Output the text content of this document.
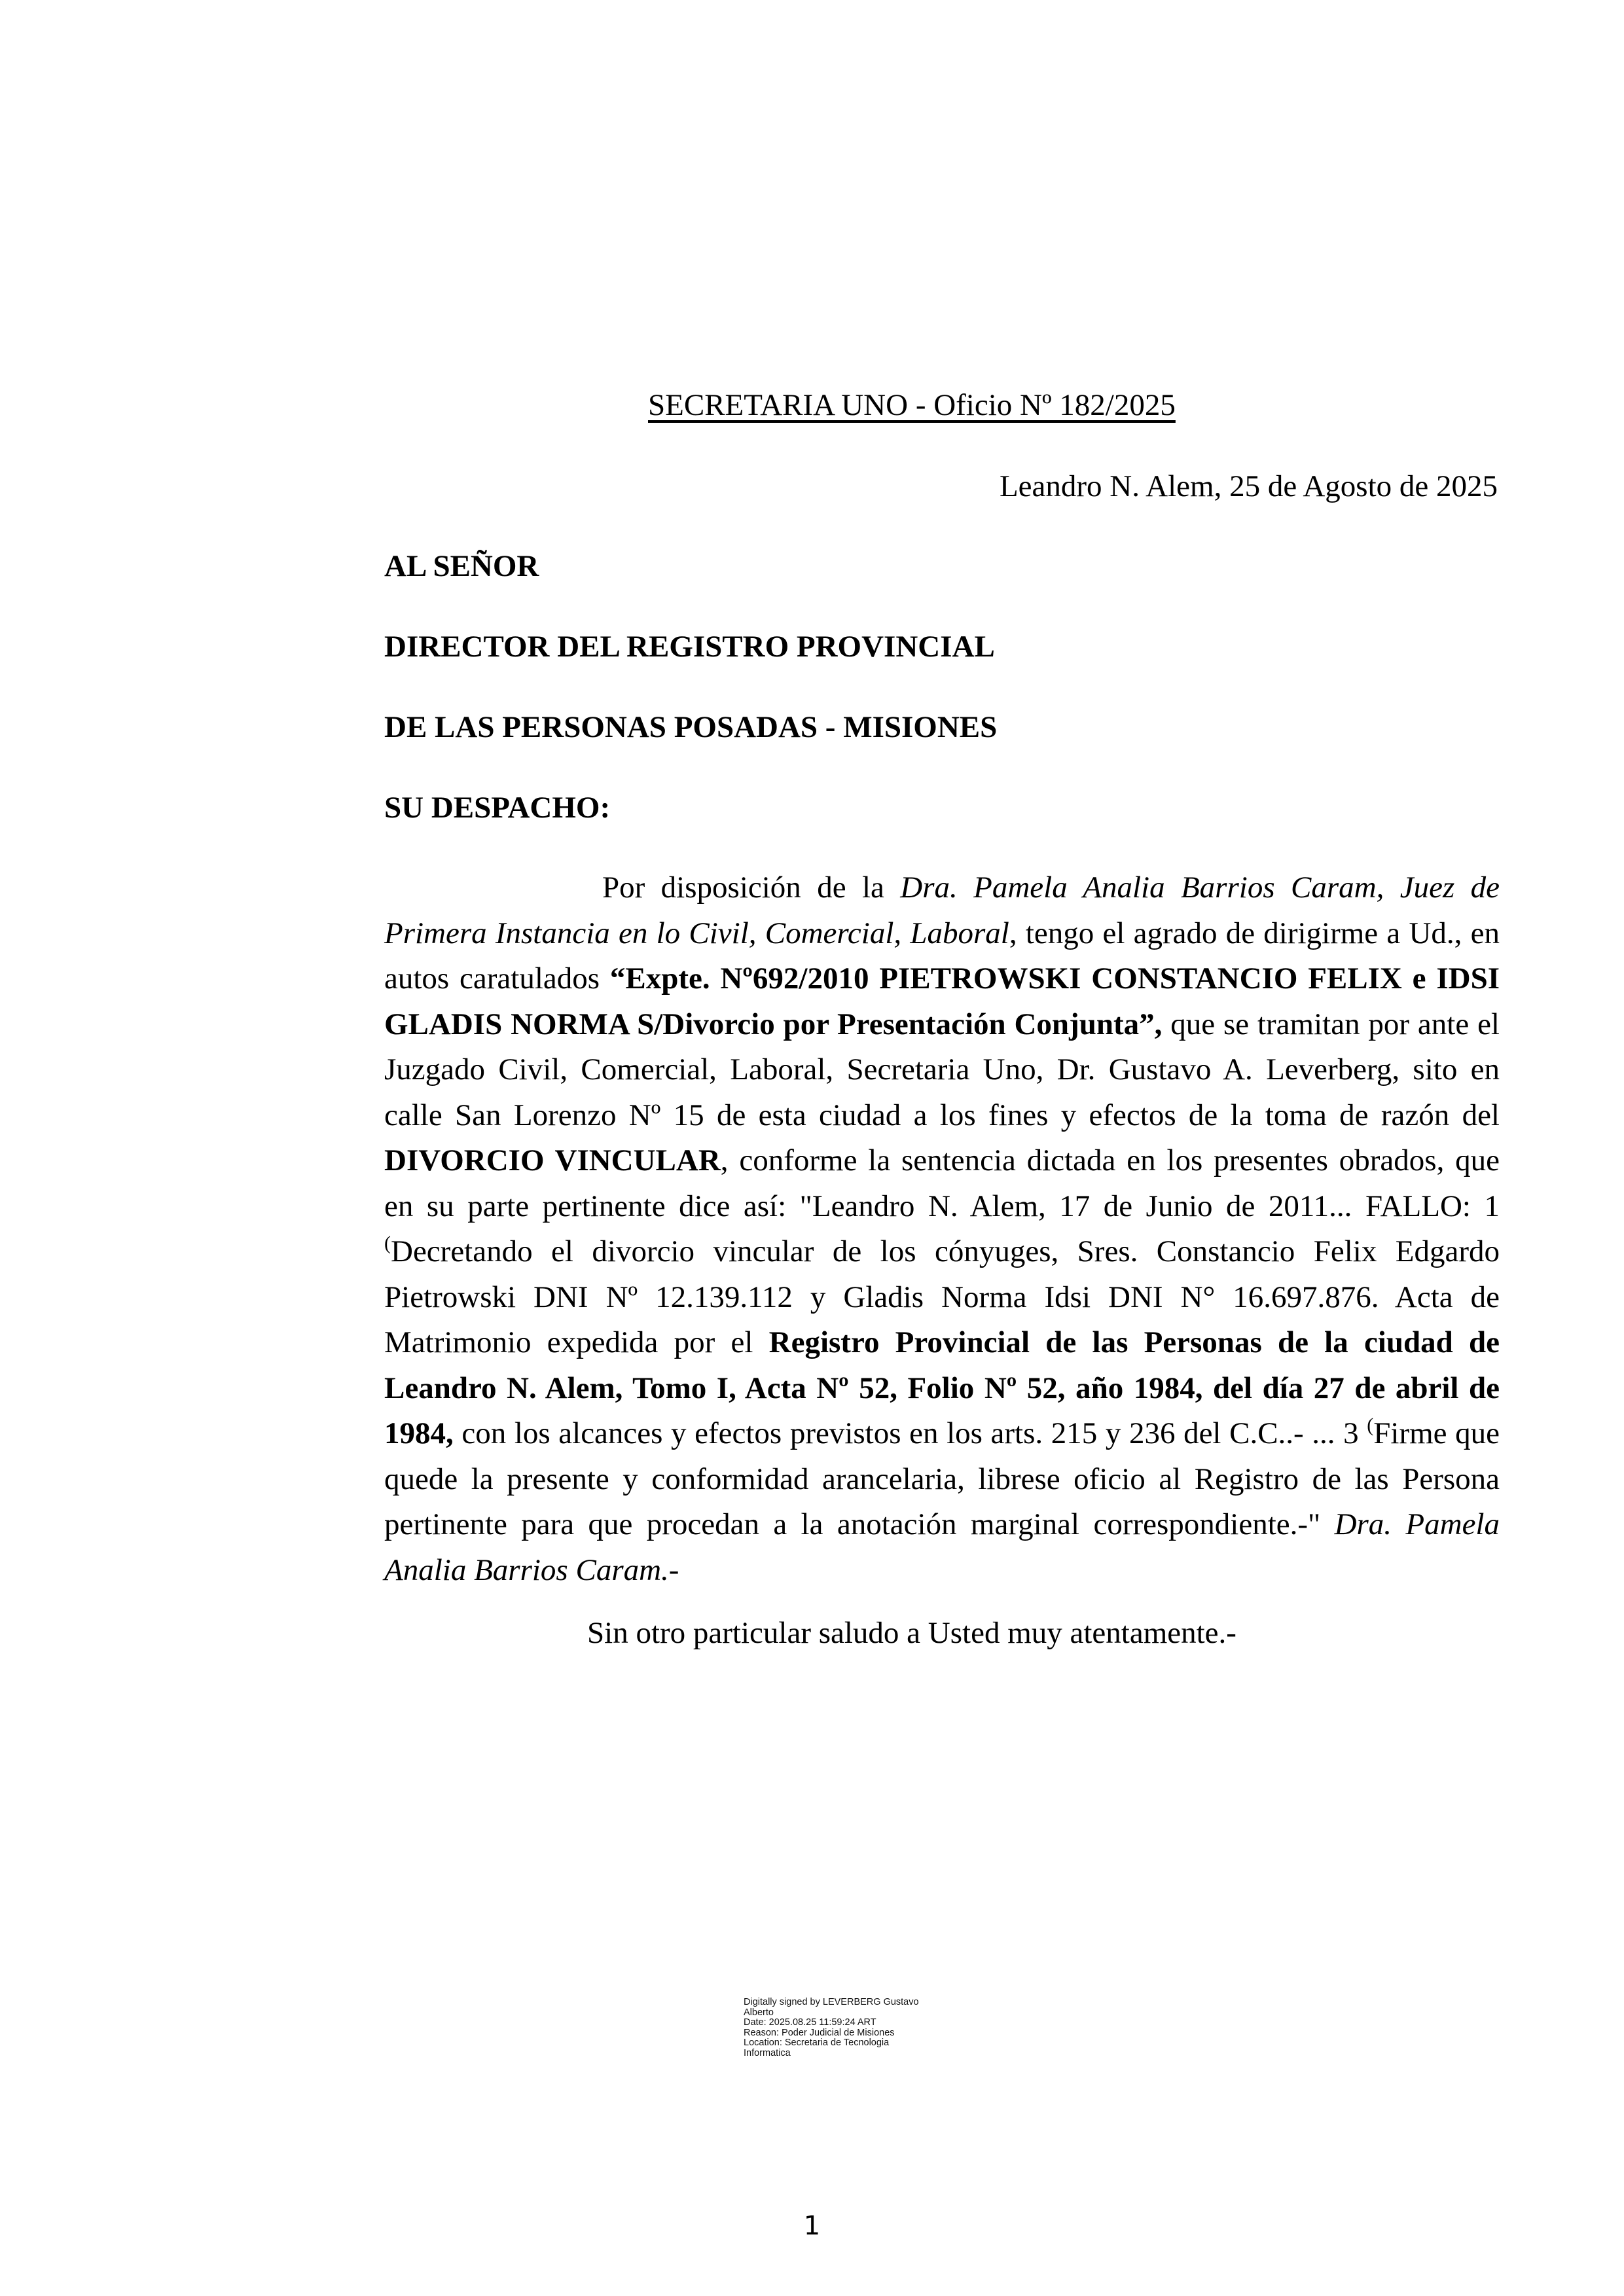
SECRETARIA UNO - Oficio Nº 182/2025
Leandro N. Alem, 25 de Agosto de 2025
AL SEÑOR
DIRECTOR DEL REGISTRO PROVINCIAL
DE LAS PERSONAS POSADAS - MISIONES
SU DESPACHO:

Por disposición de la Dra. Pamela Analia Barrios Caram, Juez de Primera Instancia en lo Civil, Comercial, Laboral, tengo el agrado de dirigirme a Ud., en autos caratulados “Expte. Nº692/2010 PIETROWSKI CONSTANCIO FELIX e IDSI GLADIS NORMA S/Divorcio por Presentación Conjunta”, que se tramitan por ante el Juzgado Civil, Comercial, Laboral, Secretaria Uno, Dr. Gustavo A. Leverberg, sito en calle San Lorenzo Nº 15 de esta ciudad a los fines y efectos de la toma de razón del DIVORCIO VINCULAR, conforme la sentencia dictada en los presentes obrados, que en su parte pertinente dice así: "Leandro N. Alem, 17 de Junio de 2011... FALLO: 1 (Decretando el divorcio vincular de los cónyuges, Sres. Constancio Felix Edgardo Pietrowski DNI Nº 12.139.112 y Gladis Norma Idsi DNI N° 16.697.876. Acta de Matrimonio expedida por el Registro Provincial de las Personas de la ciudad de Leandro N. Alem, Tomo I, Acta Nº 52, Folio Nº 52, año 1984, del día 27 de abril de 1984, con los alcances y efectos previstos en los arts. 215 y 236 del C.C..- ... 3 (Firme que quede la presente y conformidad arancelaria, librese oficio al Registro de las Persona pertinente para que procedan a la anotación marginal correspondiente.-" Dra. Pamela Analia Barrios Caram.-

Sin otro particular saludo a Usted muy atentamente.-
Digitally signed by LEVERBERG Gustavo
Alberto
Date: 2025.08.25 11:59:24 ART
Reason: Poder Judicial de Misiones
Location: Secretaria de Tecnologia
Informatica
1
